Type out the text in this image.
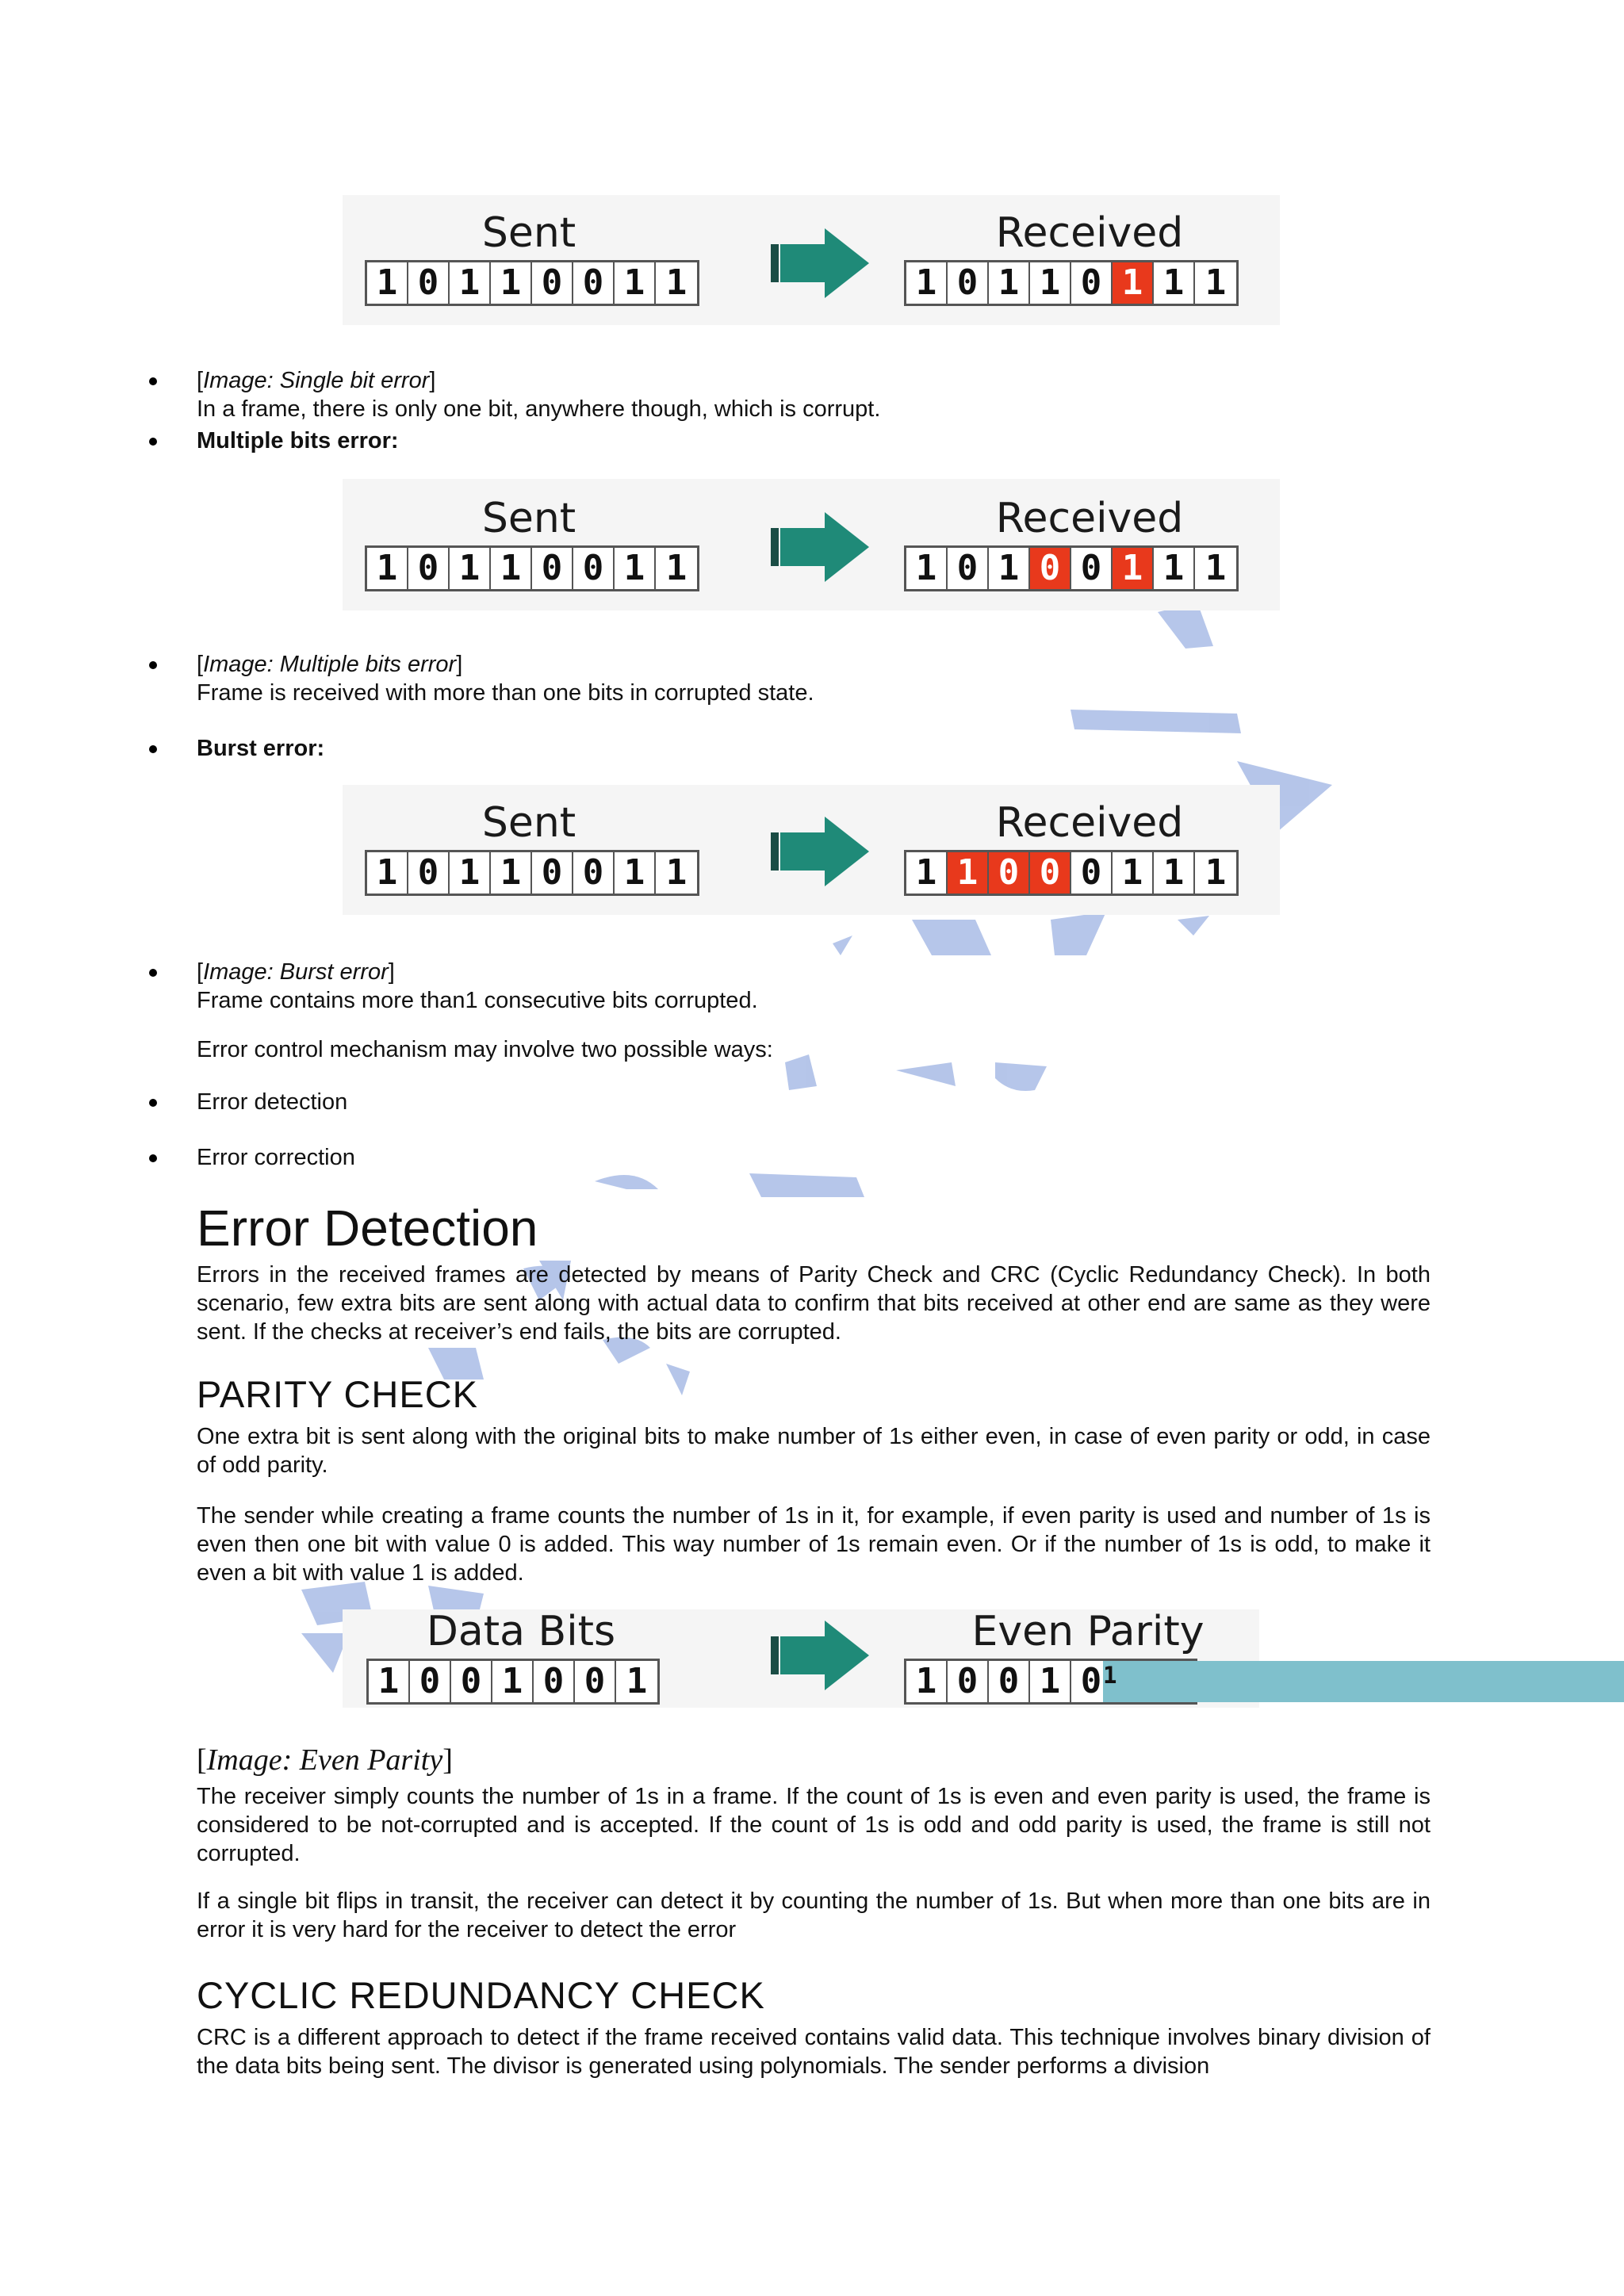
Sent
1 0 1 1 0 0 1 1
Received
1 0 1 1 0 1 1 1
[Image: Single bit error]
In a frame, there is only one bit, anywhere though, which is corrupt.
Multiple bits error:
Sent
1 0 1 1 0 0 1 1
Received
1 0 1 0 0 1 1 1
[Image: Multiple bits error]
Frame is received with more than one bits in corrupted state.
Burst error:
Sent
1 0 1 1 0 0 1 1
Received
1 1 0 0 0 1 1 1
[Image: Burst error]
Frame contains more than1 consecutive bits corrupted.
Error control mechanism may involve two possible ways:
Error detection
Error correction
Error Detection
Errors in the received frames are detected by means of Parity Check and CRC (Cyclic Redundancy Check). In both scenario, few extra bits are sent along with actual data to confirm that bits received at other end are same as they were sent. If the checks at receiver’s end fails, the bits are corrupted.
PARITY CHECK
One extra bit is sent along with the original bits to make number of 1s either even, in case of even parity or odd, in case of odd parity.
The sender while creating a frame counts the number of 1s in it, for example, if even parity is used and number of 1s is even then one bit with value 0 is added. This way number of 1s remain even. Or if the number of 1s is odd, to make it even a bit with value 1 is added.
Data Bits
1 0 0 1 0 0 1
Even Parity
1 0 0 1 0 1
[Image: Even Parity]
The receiver simply counts the number of 1s in a frame. If the count of 1s is even and even parity is used, the frame is considered to be not-corrupted and is accepted. If the count of 1s is odd and odd parity is used, the frame is still not corrupted.
If a single bit flips in transit, the receiver can detect it by counting the number of 1s. But when more than one bits are in error it is very hard for the receiver to detect the error
CYCLIC REDUNDANCY CHECK
CRC is a different approach to detect if the frame received contains valid data. This technique involves binary division of the data bits being sent. The divisor is generated using polynomials. The sender performs a division
